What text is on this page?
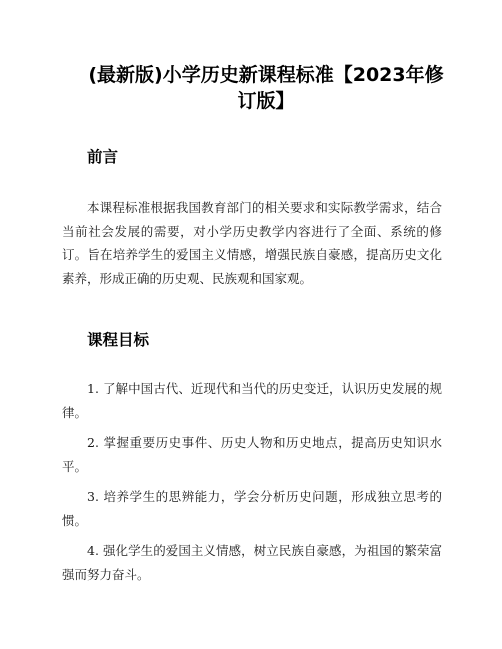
(最新版)小学历史新课程标准【2023年修订版】
前言

本课程标准根据我国教育部门的相关要求和实际教学需求，结合当前社会发展的需要，对小学历史教学内容进行了全面、系统的修订。旨在培养学生的爱国主义情感，增强民族自豪感，提高历史文化素养，形成正确的历史观、民族观和国家观。

课程目标

1. 了解中国古代、近现代和当代的历史变迁，认识历史发展的规律。

2. 掌握重要历史事件、历史人物和历史地点，提高历史知识水平。

3. 培养学生的思辨能力，学会分析历史问题，形成独立思考的惯。

4. 强化学生的爱国主义情感，树立民族自豪感，为祖国的繁荣富强而努力奋斗。
